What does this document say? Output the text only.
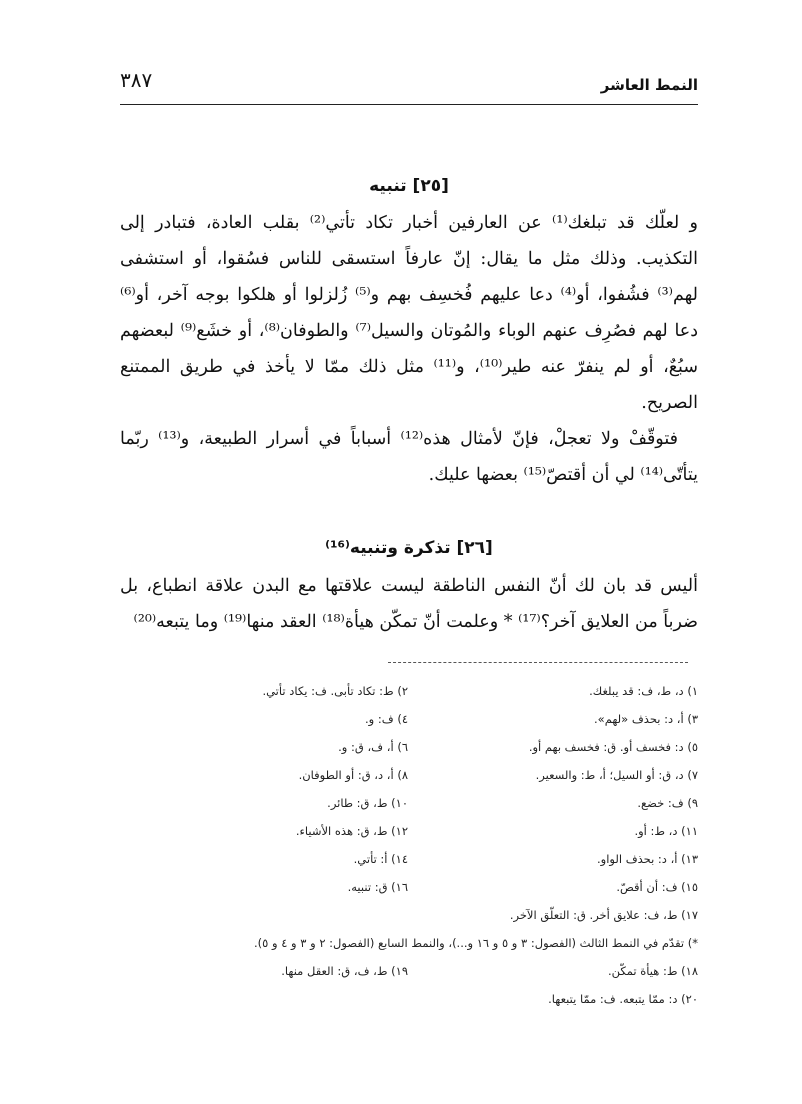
النمط العاشر
٣٨٧
[٢٥] تنبيه

و لعلّك قد تبلغك⁽¹⁾ عن العارفين أخبار تكاد تأتي⁽²⁾ بقلب العادة، فتبادر إلى التكذيب. وذلك مثل ما يقال: إنّ عارفاً استسقى للناس فسُقوا، أو استشفى لهم⁽³⁾ فشُفوا، أو⁽⁴⁾ دعا عليهم فُخسِف بهم و⁽⁵⁾ زُلزلوا أو هلكوا بوجه آخر، أو⁽⁶⁾ دعا لهم فصُرِف عنهم الوباء والمُوتان والسيل⁽⁷⁾ والطوفان⁽⁸⁾، أو خشَع⁽⁹⁾ لبعضهم سبُعٌ، أو لم ينفرّ عنه طير⁽¹⁰⁾، و⁽¹¹⁾ مثل ذلك ممّا لا يأخذ في طريق الممتنع الصريح.

فتوقّفْ ولا تعجلْ، فإنّ لأمثال هذه⁽¹²⁾ أسباباً في أسرار الطبيعة، و⁽¹³⁾ ربّما يتأتّى⁽¹⁴⁾ لي أن أقتصّ⁽¹⁵⁾ بعضها عليك.

[٢٦] تذكرة وتنبيه⁽¹⁶⁾

أليس قد بان لك أنّ النفس الناطقة ليست علاقتها مع البدن علاقة انطباع، بل ضرباً من العلايق آخر؟⁽¹⁷⁾ * وعلمت أنّ تمكّن هيأة⁽¹⁸⁾ العقد منها⁽¹⁹⁾ وما يتبعه⁽²⁰⁾

١) د، ط، ف: قد يبلغك.
٢) ط: تكاد تأبى. ف: يكاد تأتي.
٣) أ، د: بحذف «لهم».
٤) ف: و.
٥) د: فخسف أو. ق: فخسف بهم أو.
٦) أ، ف، ق: و.
٧) د، ق: أو السيل؛ أ، ط: والسعير.
٨) أ، د، ق: أو الطوفان.
٩) ف: خضع.
١٠) ط، ق: طائر.
١١) د، ط: أو.
١٢) ط، ق: هذه الأشياء.
١٣) أ، د: بحذف الواو.
١٤) أ: تأتي.
١٥) ف: أن أقصّ.
١٦) ق: تنبيه.
١٧) ط، ف: علايق أخر. ق: التعلّق الآخر.
*) تقدّم في النمط الثالث (الفصول: ٣ و ٥ و ١٦ و...)، والنمط السابع (الفصول: ٢ و ٣ و ٤ و ٥).
١٨) ط: هيأة تمكّن.
١٩) ط، ف، ق: العقل منها.
٢٠) د: ممّا يتبعه. ف: ممّا يتبعها.
